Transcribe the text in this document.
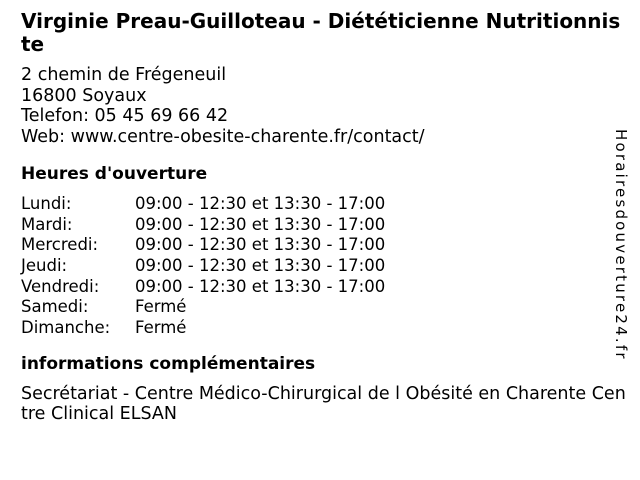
Virginie Preau-Guilloteau - Diététicienne Nutritionniste
2 chemin de Frégeneuil
16800 Soyaux
Telefon: 05 45 69 66 42
Web: www.centre-obesite-charente.fr/contact/
Heures d'ouverture
Lundi:	09:00 - 12:30 et 13:30 - 17:00
Mardi:	09:00 - 12:30 et 13:30 - 17:00
Mercredi: 09:00 - 12:30 et 13:30 - 17:00
Jeudi:	09:00 - 12:30 et 13:30 - 17:00
Vendredi: 09:00 - 12:30 et 13:30 - 17:00
Samedi:	Fermé
Dimanche: Fermé
informations complémentaires

Secrétariat - Centre Médico-Chirurgical de l Obésité en Charente Centre Clinical ELSAN

Horairesdouverture24.fr
